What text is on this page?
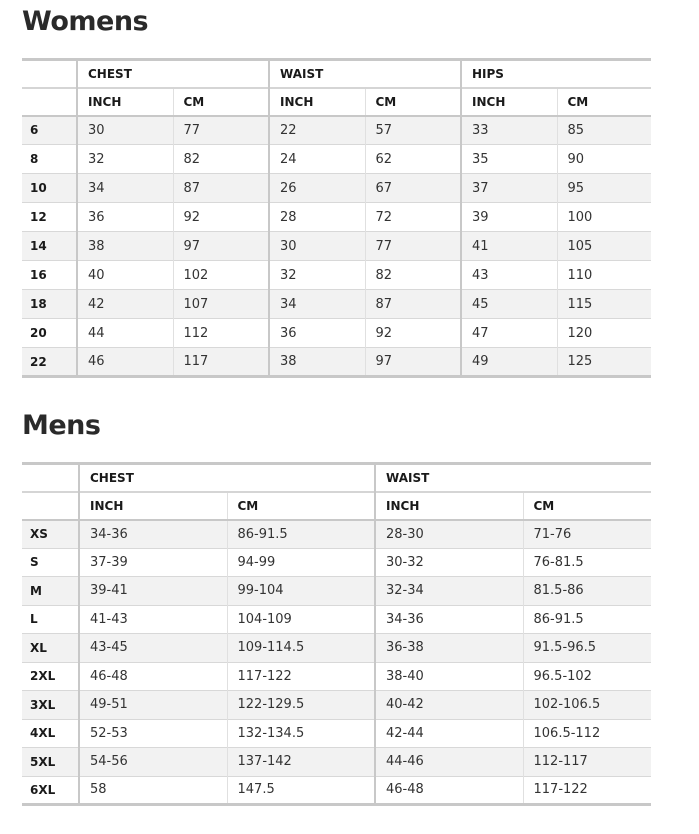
Womens
	CHEST		WAIST		HIPS	
	INCH	CM	INCH	CM	INCH	CM
6	30	77	22	57	33	85
8	32	82	24	62	35	90
10	34	87	26	67	37	95
12	36	92	28	72	39	100
14	38	97	30	77	41	105
16	40	102	32	82	43	110
18	42	107	34	87	45	115
20	44	112	36	92	47	120
22	46	117	38	97	49	125
Mens
	CHEST		WAIST	
	INCH	CM	INCH	CM
XS	34-36	86-91.5	28-30	71-76
S	37-39	94-99	30-32	76-81.5
M	39-41	99-104	32-34	81.5-86
L	41-43	104-109	34-36	86-91.5
XL	43-45	109-114.5	36-38	91.5-96.5
2XL	46-48	117-122	38-40	96.5-102
3XL	49-51	122-129.5	40-42	102-106.5
4XL	52-53	132-134.5	42-44	106.5-112
5XL	54-56	137-142	44-46	112-117
6XL	58	147.5	46-48	117-122
